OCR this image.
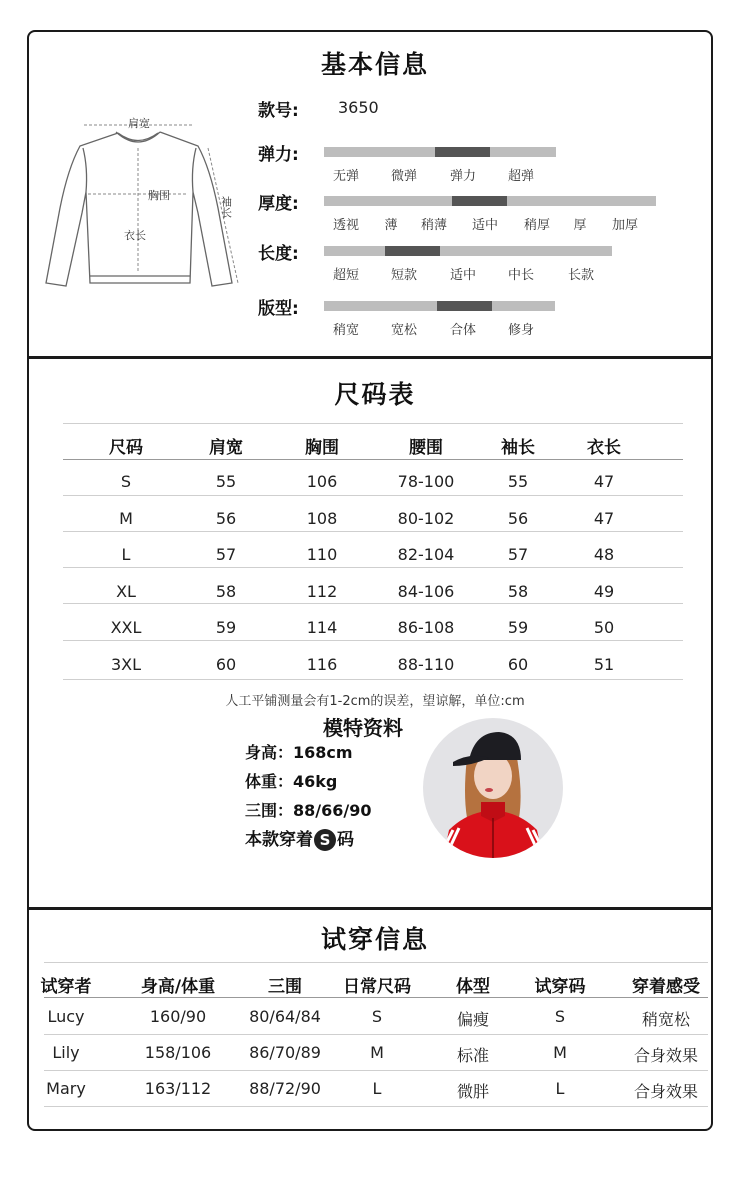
基本信息
肩宽
胸围
衣长
袖长
款号: 3650
弹力:
无弹 微弹	弹力 超弹
厚度:
透视 薄 稍薄 适中 稍厚 厚 加厚
长度:
超短 短款	适中 中长	长款
版型:
稍宽 宽松	合体 修身
尺码表
尺码	肩宽	胸围	腰围	袖长	衣长
S	55	106	78-100	55	47
M	56	108	80-102	56	47
L	57	110	82-104	57	48
XL	58	112	84-106	58	49
XXL	59	114	86-108	59	50
3XL	60	116	88-110	60	51
人工平铺测量会有1-2cm的误差，望谅解，单位:cm
模特资料
身高：168cm
体重：46kg
三围：88/66/90
本款穿着 S 码
试穿信息
试穿者	身高/体重	三围 日常尺码	体型	试穿码	穿着感受
Lucy	160/90	80/64/84	S	偏瘦	S	稍宽松
Lily	158/106 86/70/89	M	标准	M	合身效果
Mary	163/112 88/72/90	L	微胖	L	合身效果
